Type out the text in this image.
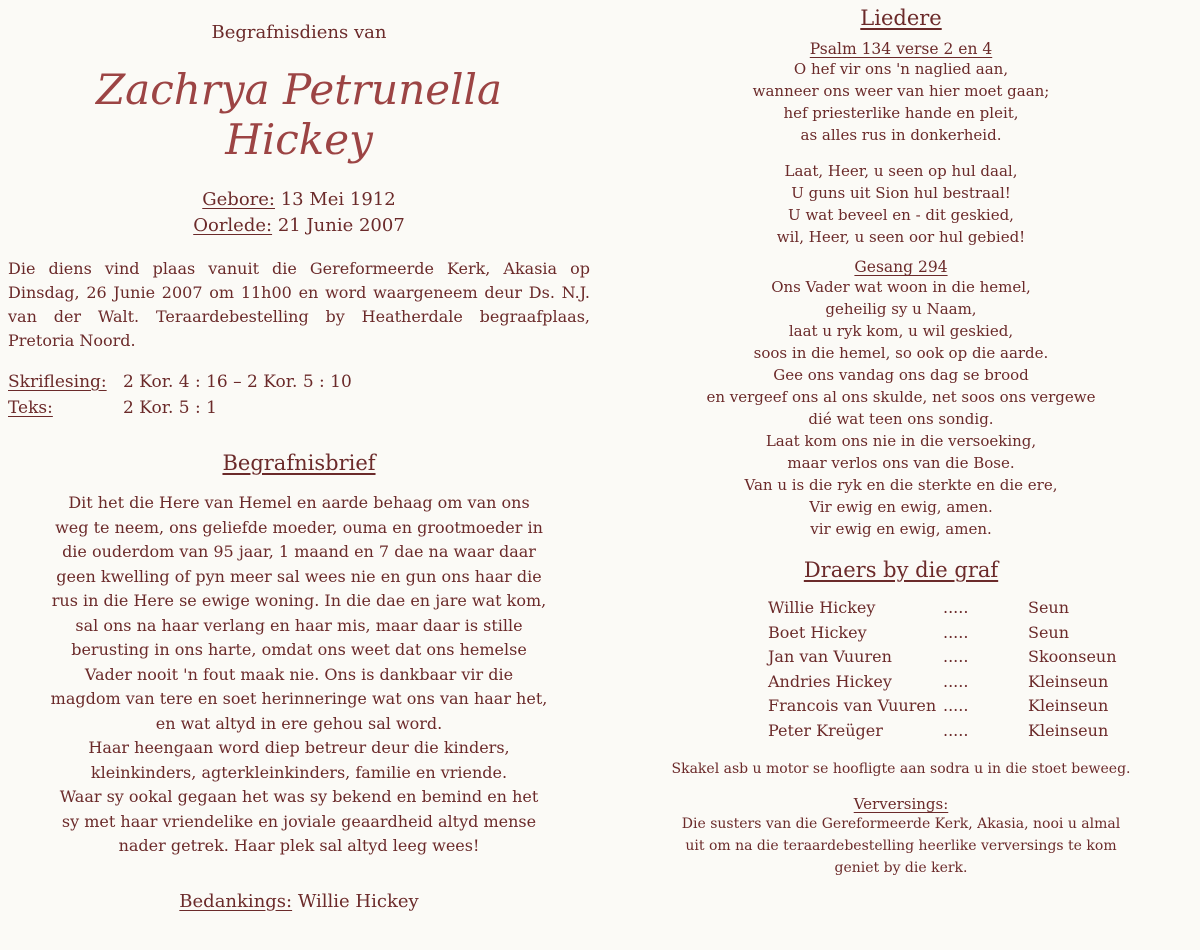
Begrafnisdiens van
Zachrya Petrunella
Hickey
Gebore: 13 Mei 1912
Oorlede: 21 Junie 2007
Die diens vind plaas vanuit die Gereformeerde Kerk, Akasia op Dinsdag, 26 Junie 2007 om 11h00 en word waargeneem deur Ds. N.J. van der Walt. Teraardebestelling by Heatherdale begraafplaas, Pretoria Noord.
Skriflesing: 2 Kor. 4 : 16 – 2 Kor. 5 : 10
Teks:	2 Kor. 5 : 1
Begrafnisbrief
Dit het die Here van Hemel en aarde behaag om van ons
weg te neem, ons geliefde moeder, ouma en grootmoeder in
die ouderdom van 95 jaar, 1 maand en 7 dae na waar daar
geen kwelling of pyn meer sal wees nie en gun ons haar die
rus in die Here se ewige woning. In die dae en jare wat kom,
sal ons na haar verlang en haar mis, maar daar is stille
berusting in ons harte, omdat ons weet dat ons hemelse
Vader nooit 'n fout maak nie. Ons is dankbaar vir die
magdom van tere en soet herinneringe wat ons van haar het,
en wat altyd in ere gehou sal word.
Haar heengaan word diep betreur deur die kinders,
kleinkinders, agterkleinkinders, familie en vriende.
Waar sy ookal gegaan het was sy bekend en bemind en het
sy met haar vriendelike en joviale geaardheid altyd mense
nader getrek. Haar plek sal altyd leeg wees!
Bedankings: Willie Hickey
Liedere
Psalm 134 verse 2 en 4
O hef vir ons 'n naglied aan,
wanneer ons weer van hier moet gaan;
hef priesterlike hande en pleit,
as alles rus in donkerheid.
Laat, Heer, u seen op hul daal,
U guns uit Sion hul bestraal!
U wat beveel en - dit geskied,
wil, Heer, u seen oor hul gebied!
Gesang 294
Ons Vader wat woon in die hemel,
geheilig sy u Naam,
laat u ryk kom, u wil geskied,
soos in die hemel, so ook op die aarde.
Gee ons vandag ons dag se brood
en vergeef ons al ons skulde, net soos ons vergewe
dié wat teen ons sondig.
Laat kom ons nie in die versoeking,
maar verlos ons van die Bose.
Van u is die ryk en die sterkte en die ere,
Vir ewig en ewig, amen.
vir ewig en ewig, amen.
Draers by die graf
Willie Hickey	.....	Seun
Boet Hickey	.....	Seun
Jan van Vuuren	.....	Skoonseun
Andries Hickey	.....	Kleinseun
Francois van Vuuren .....	Kleinseun
Peter Kreüger	.....	Kleinseun
Skakel asb u motor se hoofligte aan sodra u in die stoet beweeg.
Verversings:
Die susters van die Gereformeerde Kerk, Akasia, nooi u almal
uit om na die teraardebestelling heerlike verversings te kom
geniet by die kerk.
